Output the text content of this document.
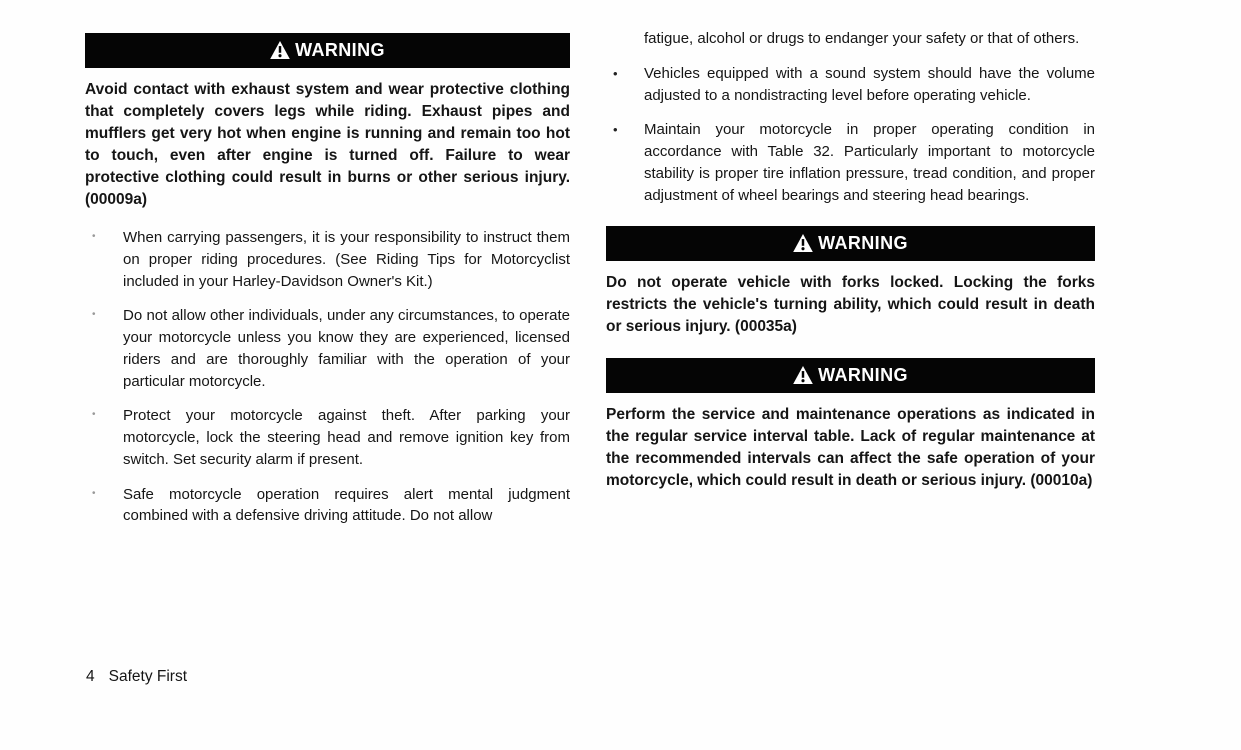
WARNING

Avoid contact with exhaust system and wear protective clothing that completely covers legs while riding. Exhaust pipes and mufflers get very hot when engine is running and remain too hot to touch, even after engine is turned off. Failure to wear protective clothing could result in burns or other serious injury. (00009a)

•	When carrying passengers, it is your responsibility to instruct them on proper riding procedures. (See Riding Tips for Motorcyclist included in your Harley-Davidson Owner's Kit.)
•	Do not allow other individuals, under any circumstances, to operate your motorcycle unless you know they are experienced, licensed riders and are thoroughly familiar with the operation of your particular motorcycle.
•	Protect your motorcycle against theft. After parking your motorcycle, lock the steering head and remove ignition key from switch. Set security alarm if present.
•	Safe motorcycle operation requires alert mental judgment combined with a defensive driving attitude. Do not allow

fatigue, alcohol or drugs to endanger your safety or that of others.

•	Vehicles equipped with a sound system should have the volume adjusted to a nondistracting level before operating vehicle.
•	Maintain your motorcycle in proper operating condition in accordance with Table 32. Particularly important to motorcycle stability is proper tire inflation pressure, tread condition, and proper adjustment of wheel bearings and steering head bearings.
WARNING

Do not operate vehicle with forks locked. Locking the forks restricts the vehicle's turning ability, which could result in death or serious injury. (00035a)

WARNING

Perform the service and maintenance operations as indicated in the regular service interval table. Lack of regular maintenance at the recommended intervals can affect the safe operation of your motorcycle, which could result in death or serious injury. (00010a)

4 Safety First
